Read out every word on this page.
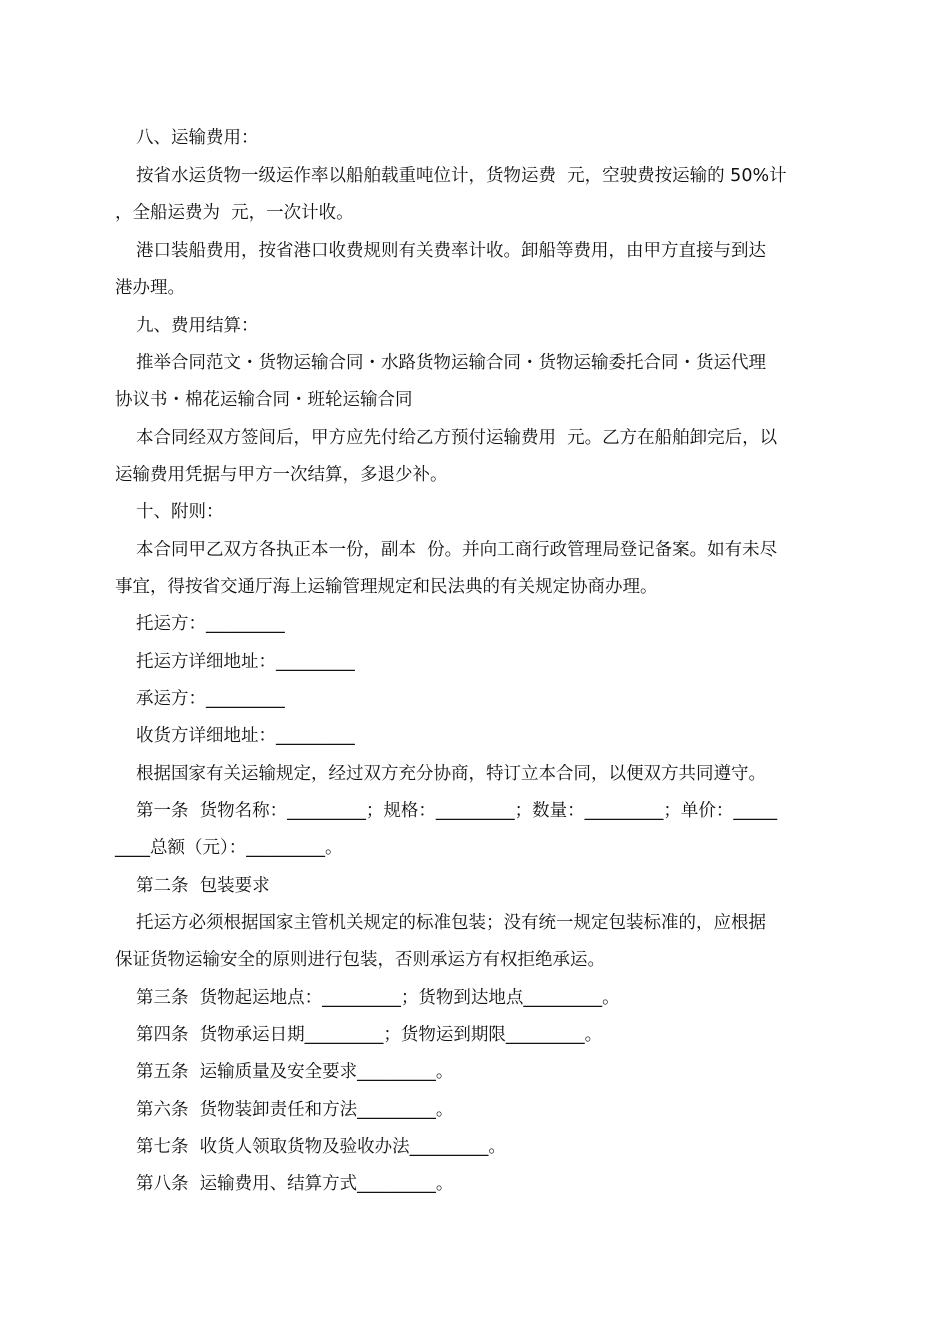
八、运输费用：
按省水运货物一级运作率以船舶载重吨位计，货物运费  元，空驶费按运输的 50%计
，全船运费为  元，一次计收。
港口装船费用，按省港口收费规则有关费率计收。卸船等费用，由甲方直接与到达
港办理。
九、费用结算：
推举合同范文・货物运输合同・水路货物运输合同・货物运输委托合同・货运代理
协议书・棉花运输合同・班轮运输合同
本合同经双方签间后，甲方应先付给乙方预付运输费用  元。乙方在船舶卸完后，以
运输费用凭据与甲方一次结算，多退少补。
十、附则：
本合同甲乙双方各执正本一份，副本  份。并向工商行政管理局登记备案。如有未尽
事宜，得按省交通厅海上运输管理规定和民法典的有关规定协商办理。
托运方：_________
托运方详细地址：_________
承运方：_________
收货方详细地址：_________
根据国家有关运输规定，经过双方充分协商，特订立本合同，以便双方共同遵守。
第一条  货物名称：_________；规格：_________；数量：_________；单价：_____
____总额（元）：_________。
第二条  包装要求
托运方必须根据国家主管机关规定的标准包装；没有统一规定包装标准的，应根据
保证货物运输安全的原则进行包装，否则承运方有权拒绝承运。
第三条  货物起运地点：_________；货物到达地点_________。
第四条  货物承运日期_________；货物运到期限_________。
第五条  运输质量及安全要求_________。
第六条  货物装卸责任和方法_________。
第七条  收货人领取货物及验收办法_________。
第八条  运输费用、结算方式_________。
